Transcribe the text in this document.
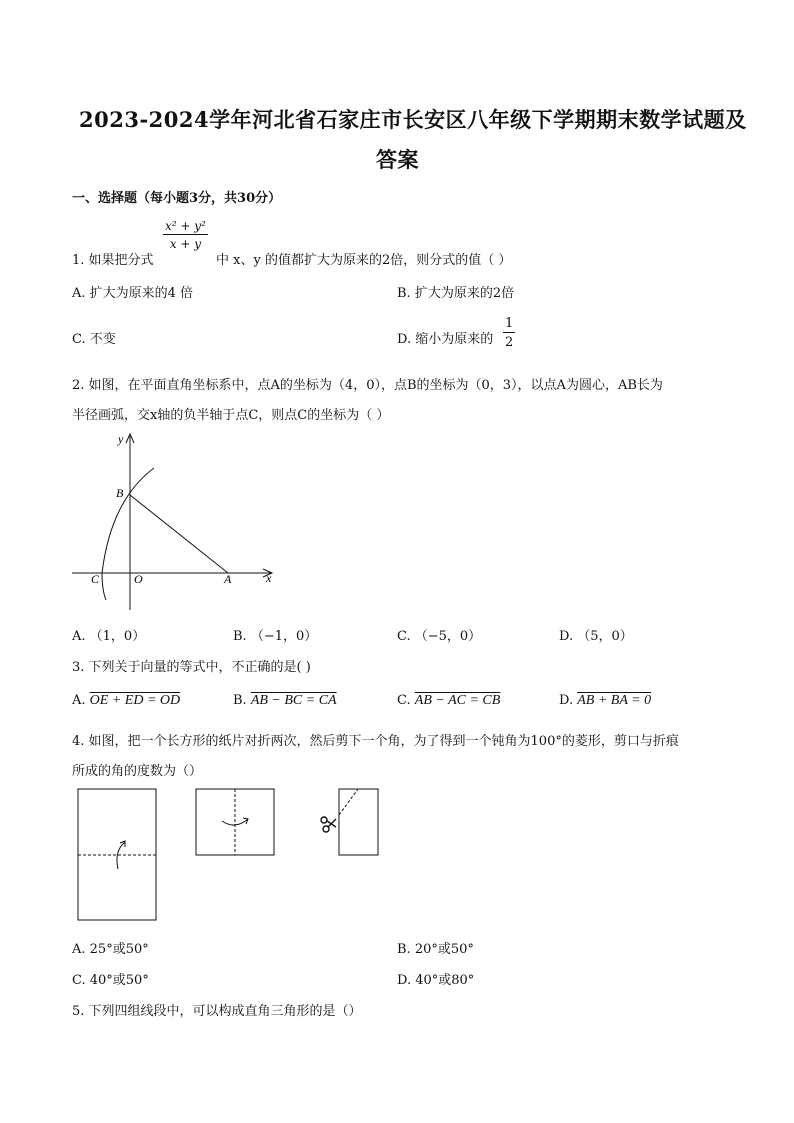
2023-2024学年河北省石家庄市长安区八年级下学期期末数学试题及
答案
一、选择题（每小题3分，共30分）
1. 如果把分式
$\frac{\text{x² + y²}}{x + y}$
中 x、y 的值都扩大为原来的2倍，则分式的值（ ）
A. 扩大为原来的4 倍	B. 扩大为原来的2倍
C. 不变	D. 缩小为原来的 $\frac{1}{2}$
2. 如图，在平面直角坐标系中，点A的坐标为（4，0），点B的坐标为（0，3），以点A为圆心，AB长为
半径画弧，交x轴的负半轴于点C，则点C的坐标为（ ）
y
x
B
O
C	A
A. （1，0）	B. （−1，0）	C. （−5，0）	D. （5，0）
3. 下列关于向量的等式中，不正确的是( )
A. OE + ED = OD	B. AB − BC = CA	C. AB − AC = CB	D. AB + BA = 0
4. 如图，把一个长方形的纸片对折两次，然后剪下一个角，为了得到一个钝角为100°的菱形，剪口与折痕
所成的角的度数为（）
A. 25°或50°	B. 20°或50°
C. 40°或50°	D. 40°或80°
5. 下列四组线段中，可以构成直角三角形的是（）
